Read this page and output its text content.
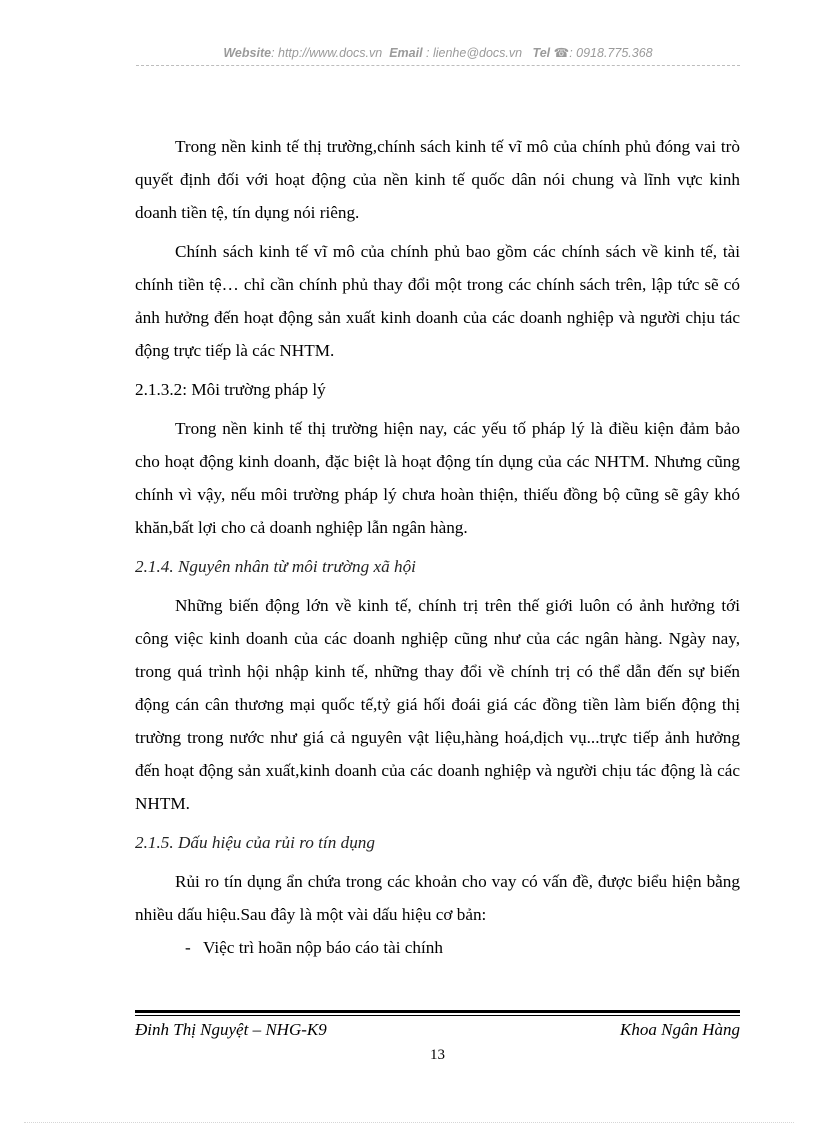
Website: http://www.docs.vn Email : lienhe@docs.vn Tel ☎: 0918.775.368

Trong nền kinh tế thị trường,chính sách kinh tế vĩ mô của chính phủ đóng vai trò quyết định đối với hoạt động của nền kinh tế quốc dân nói chung và lĩnh vực kinh doanh tiền tệ, tín dụng nói riêng.

Chính sách kinh tế vĩ mô của chính phủ bao gồm các chính sách về kinh tế, tài chính tiền tệ… chỉ cần chính phủ thay đổi một trong các chính sách trên, lập tức sẽ có ảnh hưởng đến hoạt động sản xuất kinh doanh của các doanh nghiệp và người chịu tác động trực tiếp là các NHTM.

2.1.3.2: Môi trường pháp lý

Trong nền kinh tế thị trường hiện nay, các yếu tố pháp lý là điều kiện đảm bảo cho hoạt động kinh doanh, đặc biệt là hoạt động tín dụng của các NHTM. Nhưng cũng chính vì vậy, nếu môi trường pháp lý chưa hoàn thiện, thiếu đồng bộ cũng sẽ gây khó khăn,bất lợi cho cả doanh nghiệp lẫn ngân hàng.

2.1.4. Nguyên nhân từ môi trường xã hội

Những biến động lớn về kinh tế, chính trị trên thế giới luôn có ảnh hưởng tới công việc kinh doanh của các doanh nghiệp cũng như của các ngân hàng. Ngày nay, trong quá trình hội nhập kinh tế, những thay đổi về chính trị có thể dẫn đến sự biến động cán cân thương mại quốc tế,tỷ giá hối đoái giá các đồng tiền làm biến động thị trường trong nước như giá cả nguyên vật liệu,hàng hoá,dịch vụ...trực tiếp ảnh hưởng đến hoạt động sản xuất,kinh doanh của các doanh nghiệp và người chịu tác động là các NHTM.

2.1.5. Dấu hiệu của rủi ro tín dụng

Rủi ro tín dụng ẩn chứa trong các khoản cho vay có vấn đề, được biểu hiện bằng nhiều dấu hiệu.Sau đây là một vài dấu hiệu cơ bản:

- Việc trì hoãn nộp báo cáo tài chính

Đinh Thị Nguyệt – NHG-K9	Khoa Ngân Hàng
13
